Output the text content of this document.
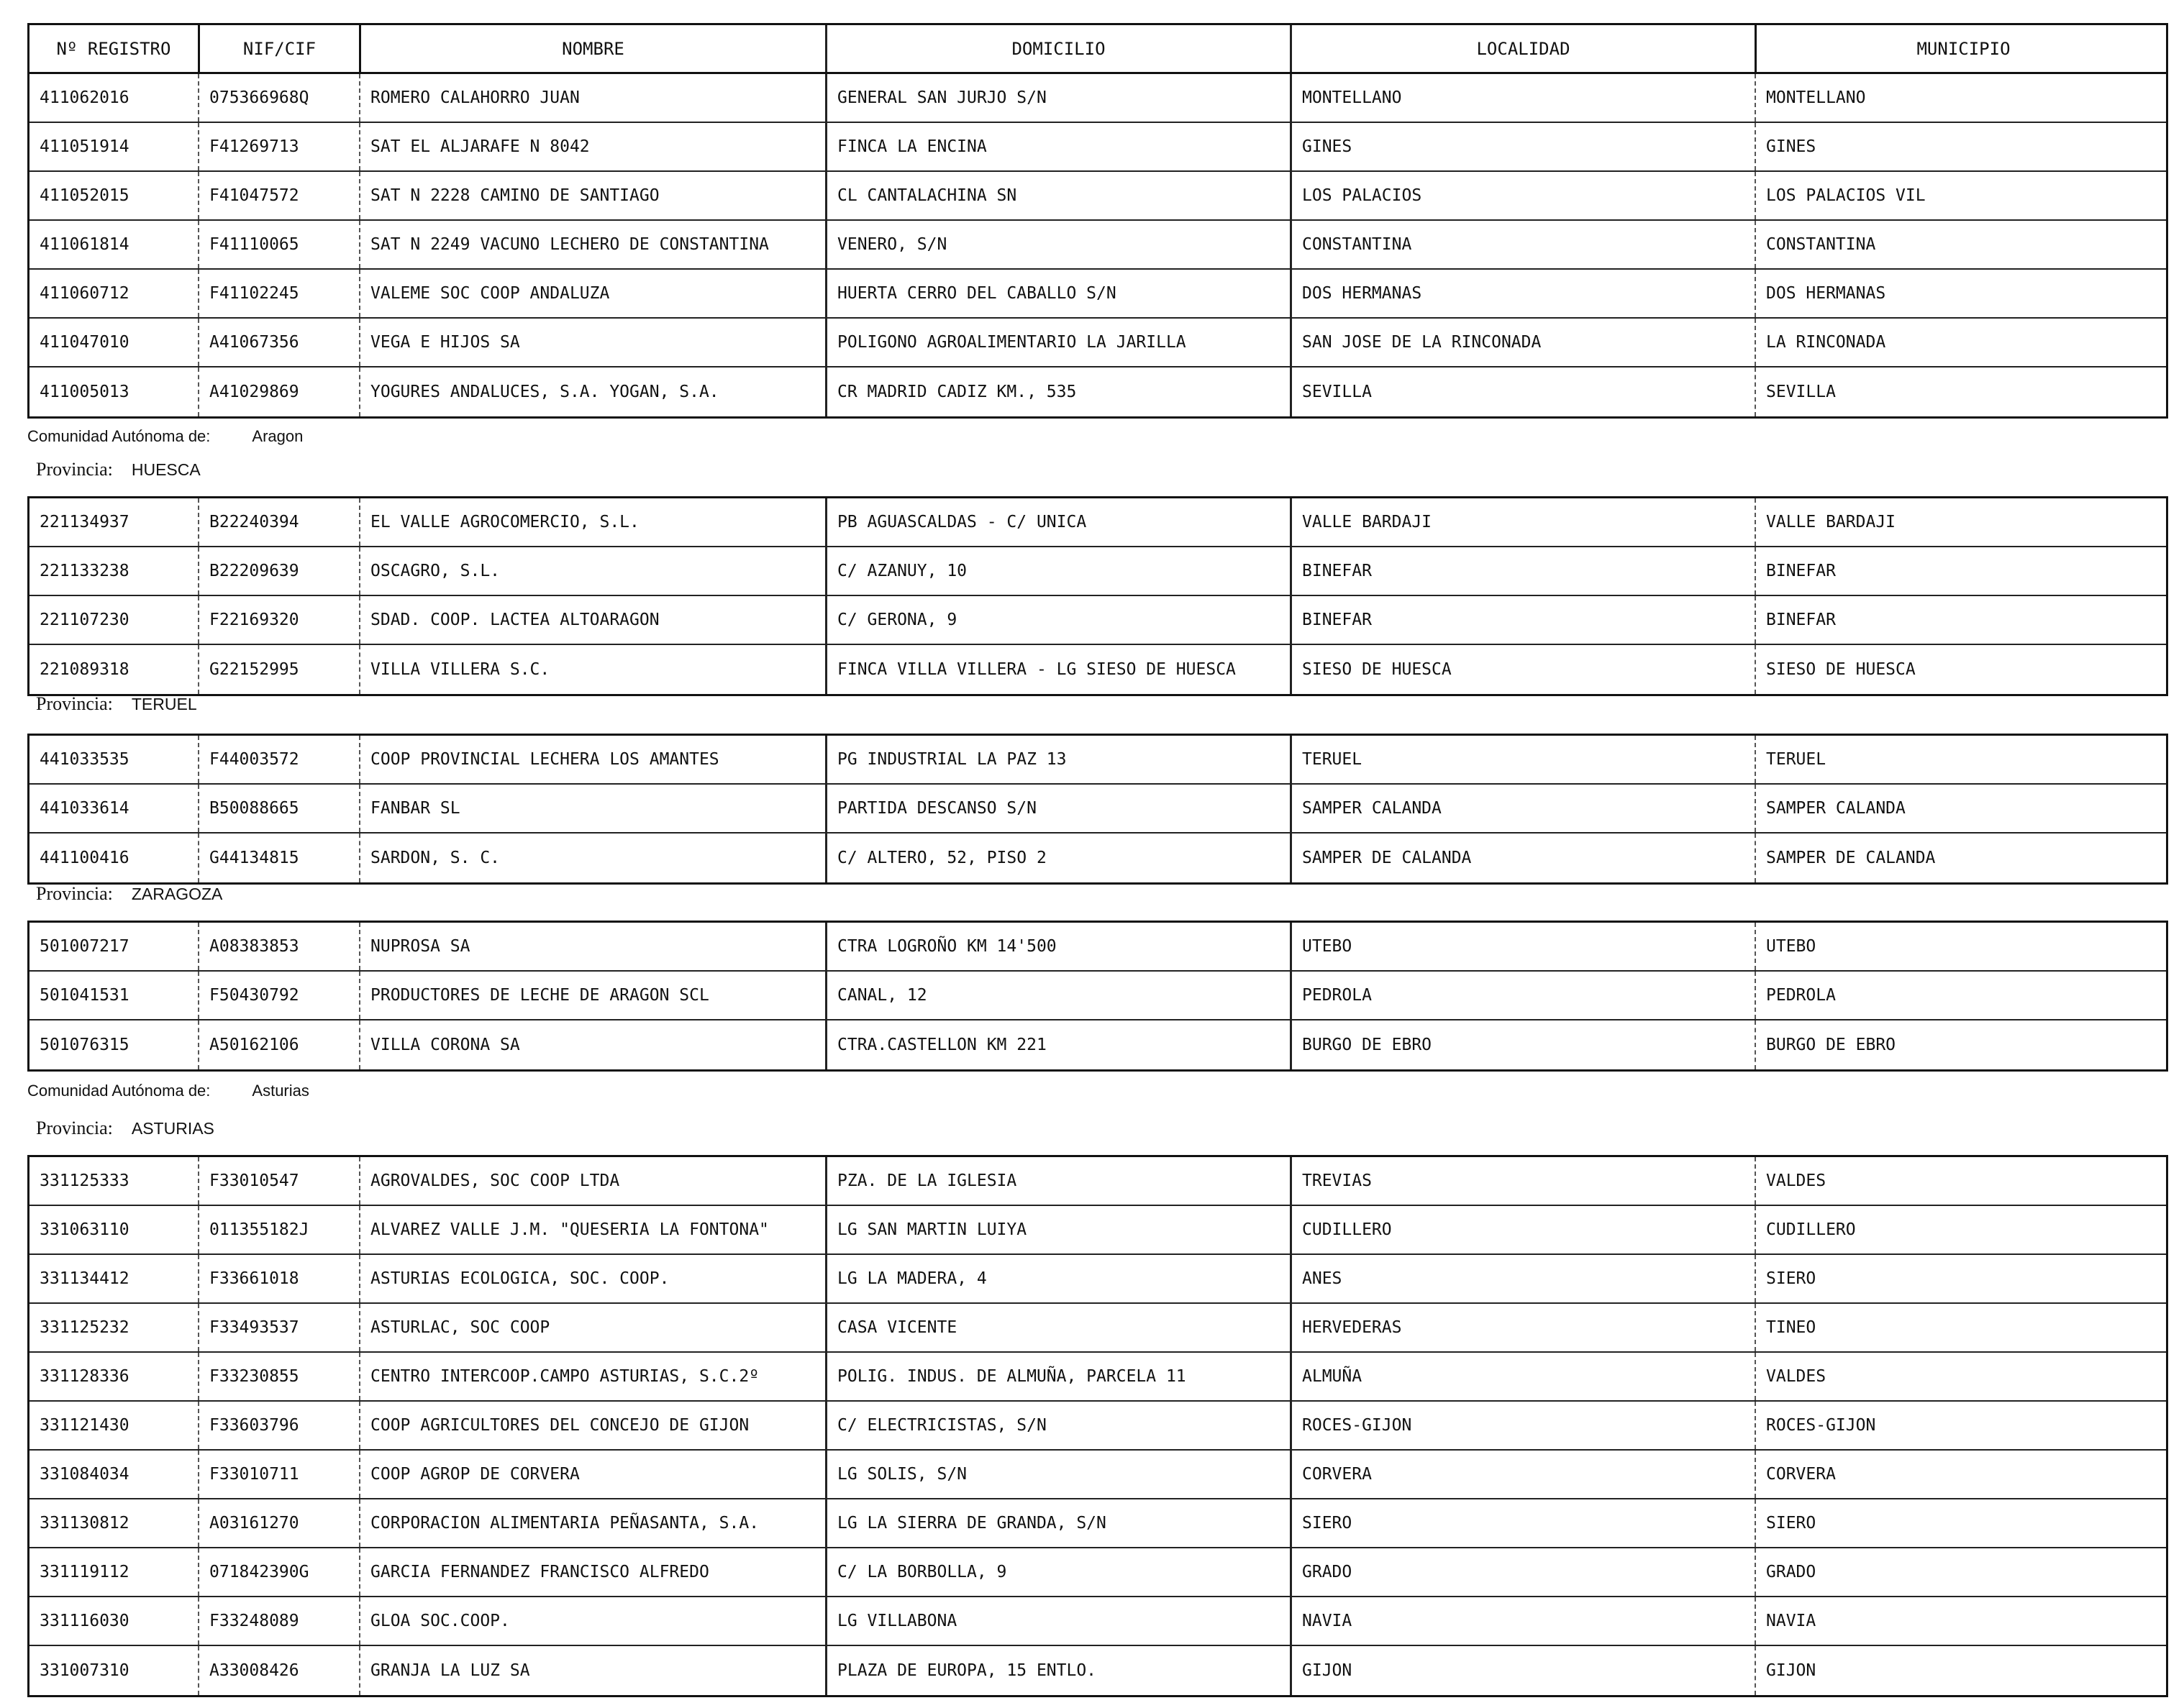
Nº REGISTRO	NIF/CIF	NOMBRE	DOMICILIO	LOCALIDAD	MUNICIPIO
411062016	075366968Q	ROMERO CALAHORRO JUAN	GENERAL SAN JURJO S/N	MONTELLANO	MONTELLANO
411051914	F41269713	SAT EL ALJARAFE N 8042	FINCA LA ENCINA	GINES	GINES
411052015	F41047572	SAT N 2228 CAMINO DE SANTIAGO	CL CANTALACHINA SN	LOS PALACIOS	LOS PALACIOS VIL
411061814	F41110065	SAT N 2249 VACUNO LECHERO DE CONSTANTINA	VENERO, S/N	CONSTANTINA	CONSTANTINA
411060712	F41102245	VALEME SOC COOP ANDALUZA	HUERTA CERRO DEL CABALLO S/N	DOS HERMANAS	DOS HERMANAS
411047010	A41067356	VEGA E HIJOS SA	POLIGONO AGROALIMENTARIO LA JARILLA	SAN JOSE DE LA RINCONADA	LA RINCONADA
411005013	A41029869	YOGURES ANDALUCES, S.A. YOGAN, S.A.	CR MADRID CADIZ KM., 535	SEVILLA	SEVILLA
Comunidad Autónoma de:	Aragon
Provincia: HUESCA
221134937	B22240394	EL VALLE AGROCOMERCIO, S.L.	PB AGUASCALDAS - C/ UNICA	VALLE BARDAJI	VALLE BARDAJI
221133238	B22209639	OSCAGRO, S.L.	C/ AZANUY, 10	BINEFAR	BINEFAR
221107230	F22169320	SDAD. COOP. LACTEA ALTOARAGON	C/ GERONA, 9	BINEFAR	BINEFAR
221089318	G22152995	VILLA VILLERA S.C.	FINCA VILLA VILLERA - LG SIESO DE HUESCA	SIESO DE HUESCA	SIESO DE HUESCA
Provincia: TERUEL
441033535	F44003572	COOP PROVINCIAL LECHERA LOS AMANTES	PG INDUSTRIAL LA PAZ 13	TERUEL	TERUEL
441033614	B50088665	FANBAR SL	PARTIDA DESCANSO S/N	SAMPER CALANDA	SAMPER CALANDA
441100416	G44134815	SARDON, S. C.	C/ ALTERO, 52, PISO 2	SAMPER DE CALANDA	SAMPER DE CALANDA
Provincia: ZARAGOZA
501007217	A08383853	NUPROSA SA	CTRA LOGROÑO KM 14'500	UTEBO	UTEBO
501041531	F50430792	PRODUCTORES DE LECHE DE ARAGON SCL	CANAL, 12	PEDROLA	PEDROLA
501076315	A50162106	VILLA CORONA SA	CTRA.CASTELLON KM 221	BURGO DE EBRO	BURGO DE EBRO
Comunidad Autónoma de:	Asturias
Provincia: ASTURIAS
331125333	F33010547	AGROVALDES, SOC COOP LTDA	PZA. DE LA IGLESIA	TREVIAS	VALDES
331063110	011355182J	ALVAREZ VALLE J.M. "QUESERIA LA FONTONA"	LG SAN MARTIN LUIYA	CUDILLERO	CUDILLERO
331134412	F33661018	ASTURIAS ECOLOGICA, SOC. COOP.	LG LA MADERA, 4	ANES	SIERO
331125232	F33493537	ASTURLAC, SOC COOP	CASA VICENTE	HERVEDERAS	TINEO
331128336	F33230855	CENTRO INTERCOOP.CAMPO ASTURIAS, S.C.2º	POLIG. INDUS. DE ALMUÑA, PARCELA 11	ALMUÑA	VALDES
331121430	F33603796	COOP AGRICULTORES DEL CONCEJO DE GIJON	C/ ELECTRICISTAS, S/N	ROCES-GIJON	ROCES-GIJON
331084034	F33010711	COOP AGROP DE CORVERA	LG SOLIS, S/N	CORVERA	CORVERA
331130812	A03161270	CORPORACION ALIMENTARIA PEÑASANTA, S.A.	LG LA SIERRA DE GRANDA, S/N	SIERO	SIERO
331119112	071842390G	GARCIA FERNANDEZ FRANCISCO ALFREDO	C/ LA BORBOLLA, 9	GRADO	GRADO
331116030	F33248089	GLOA SOC.COOP.	LG VILLABONA	NAVIA	NAVIA
331007310	A33008426	GRANJA LA LUZ SA	PLAZA DE EUROPA, 15 ENTLO.	GIJON	GIJON
